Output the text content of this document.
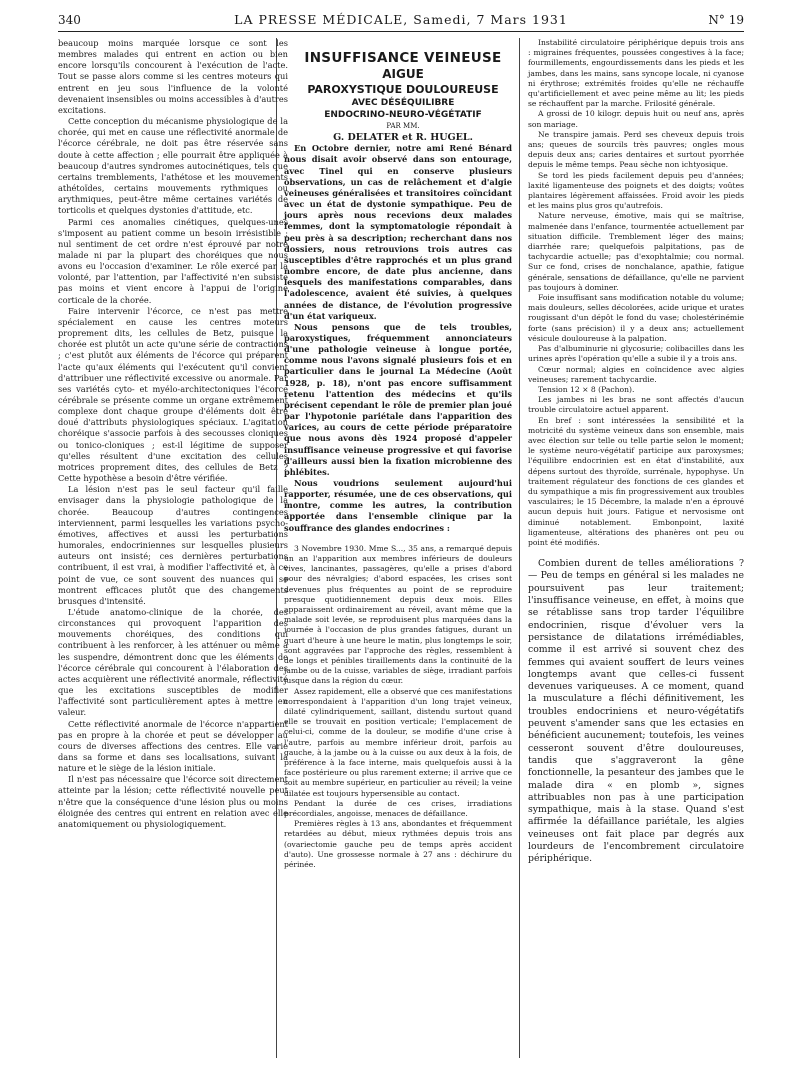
340	LA PRESSE MÉDICALE, Samedi, 7 Mars 1931	N° 19

beaucoup moins marquée lorsque ce sont les membres malades qui entrent en action ou bien encore lorsqu'ils concourent à l'exécution de l'acte. Tout se passe alors comme si les centres moteurs qui entrent en jeu sous l'influence de la volonté devenaient insensibles ou moins accessibles à d'autres excitations.

Cette conception du mécanisme physiologique de la chorée, qui met en cause une réflectivité anormale de l'écorce cérébrale, ne doit pas être réservée sans doute à cette affection ; elle pourrait être appliquée à beaucoup d'autres syndromes autocinétiques, tels que certains tremblements, l'athétose et les mouvements athétoïdes, certains mouvements rythmiques ou arythmiques, peut-être même certaines variétés de torticolis et quelques dystonies d'attitude, etc.

Parmi ces anomalies cinétiques, quelques-unes s'imposent au patient comme un besoin irrésistible ; nul sentiment de cet ordre n'est éprouvé par notre malade ni par la plupart des choréiques que nous avons eu l'occasion d'examiner. Le rôle exercé par la volonté, par l'attention, par l'affectivité n'en subsiste pas moins et vient encore à l'appui de l'origine corticale de la chorée.

Faire intervenir l'écorce, ce n'est pas mettre spécialement en cause les centres moteurs proprement dits, les cellules de Betz, puisque la chorée est plutôt un acte qu'une série de contractions ; c'est plutôt aux éléments de l'écorce qui préparent l'acte qu'aux éléments qui l'exécutent qu'il convient d'attribuer une réflectivité excessive ou anormale. Par ses variétés cyto- et myélo-architectoniques l'écorce cérébrale se présente comme un organe extrêmement complexe dont chaque groupe d'éléments doit être doué d'attributs physiologiques spéciaux. L'agitation choréique s'associe parfois à des secousses cloniques ou tonico-cloniques ; est-il légitime de supposer qu'elles résultent d'une excitation des cellules motrices proprement dites, des cellules de Betz ? Cette hypothèse a besoin d'être vérifiée.

La lésion n'est pas le seul facteur qu'il faille envisager dans la physiologie pathologique de la chorée. Beaucoup d'autres contingences interviennent, parmi lesquelles les variations psycho-émotives, affectives et aussi les perturbations humorales, endocriniennes sur lesquelles plusieurs auteurs ont insisté; ces dernières perturbations contribuent, il est vrai, à modifier l'affectivité et, à ce point de vue, ce sont souvent des nuances qui se montrent efficaces plutôt que des changements brusques d'intensité.

L'étude anatomo-clinique de la chorée, des circonstances qui provoquent l'apparition des mouvements choréiques, des conditions qui contribuent à les renforcer, à les atténuer ou même à les suspendre, démontrent donc que les éléments de l'écorce cérébrale qui concourent à l'élaboration des actes acquièrent une réflectivité anormale, réflectivité que les excitations susceptibles de modifier l'affectivité sont particulièrement aptes à mettre en valeur.

Cette réflectivité anormale de l'écorce n'appartient pas en propre à la chorée et peut se développer au cours de diverses affections des centres. Elle varie dans sa forme et dans ses localisations, suivant la nature et le siège de la lésion initiale.

Il n'est pas nécessaire que l'écorce soit directement atteinte par la lésion; cette réflectivité nouvelle peut n'être que la conséquence d'une lésion plus ou moins éloignée des centres qui entrent en relation avec elle anatomiquement ou physiologiquement.

INSUFFISANCE VEINEUSE

AIGUE

PAROXYSTIQUE DOULOUREUSE

AVEC DÉSÉQUILIBRE

ENDOCRINO-NEURO-VÉGÉTATIF

PAR MM.

G. DELATER et R. HUGEL.

En Octobre dernier, notre ami René Bénard nous disait avoir observé dans son entourage, avec Tinel qui en conserve plusieurs observations, un cas de relâchement et d'algie veineuses généralisées et transitoires coïncidant avec un état de dystonie sympathique. Peu de jours après nous recevions deux malades femmes, dont la symptomatologie répondait à peu près à sa description; recherchant dans nos dossiers, nous retrouvions trois autres cas susceptibles d'être rapprochés et un plus grand nombre encore, de date plus ancienne, dans lesquels des manifestations comparables, dans l'adolescence, avaient été suivies, à quelques années de distance, de l'évolution progressive d'un état variqueux.

Nous pensons que de tels troubles, paroxystiques, fréquemment annonciateurs d'une pathologie veineuse à longue portée, comme nous l'avons signalé plusieurs fois et en particulier dans le journal La Médecine (Août 1928, p. 18), n'ont pas encore suffisamment retenu l'attention des médecins et qu'ils précisent cependant le rôle de premier plan joué par l'hypotonie pariétale dans l'apparition des varices, au cours de cette période préparatoire que nous avons dès 1924 proposé d'appeler insuffisance veineuse progressive et qui favorise d'ailleurs aussi bien la fixation microbienne des phlébites.

Nous voudrions seulement aujourd'hui rapporter, résumée, une de ces observations, qui montre, comme les autres, la contribution apportée dans l'ensemble clinique par la souffrance des glandes endocrines :

3 Novembre 1930. Mme S..., 35 ans, a remarqué depuis un an l'apparition aux membres inférieurs de douleurs vives, lancinantes, passagères, qu'elle a prises d'abord pour des névralgies; d'abord espacées, les crises sont devenues plus fréquentes au point de se reproduire presque quotidiennement depuis deux mois. Elles apparaissent ordinairement au réveil, avant même que la malade soit levée, se reproduisent plus marquées dans la journée à l'occasion de plus grandes fatigues, durant un quart d'heure à une heure le matin, plus longtemps le soir, sont aggravées par l'approche des règles, ressemblent à de longs et pénibles tiraillements dans la continuité de la jambe ou de la cuisse, variables de siège, irradiant parfois jusque dans la région du cœur.

Assez rapidement, elle a observé que ces manifestations correspondaient à l'apparition d'un long trajet veineux, dilaté cylindriquement, saillant, distendu surtout quand elle se trouvait en position verticale; l'emplacement de celui-ci, comme de la douleur, se modifie d'une crise à l'autre, parfois au membre inférieur droit, parfois au gauche, à la jambe ou à la cuisse ou aux deux à la fois, de préférence à la face interne, mais quelquefois aussi à la face postérieure ou plus rarement externe; il arrive que ce soit au membre supérieur, en particulier au réveil; la veine dilatée est toujours hypersensible au contact.

Pendant la durée de ces crises, irradiations précordiales, angoisse, menaces de défaillance.

Premières règles à 13 ans, abondantes et fréquemment retardées au début, mieux rythmées depuis trois ans (ovariectomie gauche peu de temps après accident d'auto). Une grossesse normale à 27 ans : déchirure du périnée.

Instabilité circulatoire périphérique depuis trois ans : migraines fréquentes, poussées congestives à la face; fourmillements, engourdissements dans les pieds et les jambes, dans les mains, sans syncope locale, ni cyanose ni érythrose; extrémités froides qu'elle ne réchauffe qu'artificiellement et avec peine même au lit; les pieds se réchauffent par la marche. Frilosité générale.

A grossi de 10 kilogr. depuis huit ou neuf ans, après son mariage.

Ne transpire jamais. Perd ses cheveux depuis trois ans; queues de sourcils très pauvres; ongles mous depuis deux ans; caries dentaires et surtout pyorrhée depuis le même temps. Peau sèche non ichtyosique.

Se tord les pieds facilement depuis peu d'années; laxité ligamenteuse des poignets et des doigts; voûtes plantaires légèrement affaissées. Froid avoir les pieds et les mains plus gros qu'autrefois.

Nature nerveuse, émotive, mais qui se maîtrise, malmenée dans l'enfance, tourmentée actuellement par situation difficile. Tremblement léger des mains; diarrhée rare; quelquefois palpitations, pas de tachycardie actuelle; pas d'exophtalmie; cou normal. Sur ce fond, crises de nonchalance, apathie, fatigue générale, sensations de défaillance, qu'elle ne parvient pas toujours à dominer.

Foie insuffisant sans modification notable du volume; mais douleurs, selles décolorées, acide urique et urates rougissant d'un dépôt le fond du vase; cholestérinémie forte (sans précision) il y a deux ans; actuellement vésicule douloureuse à la palpation.

Pas d'albuminurie ni glycosurie; colibacilles dans les urines après l'opération qu'elle a subie il y a trois ans.

Cœur normal; algies en coïncidence avec algies veineuses; rarement tachycardie.

Tension 12 × 8 (Pachon).

Les jambes ni les bras ne sont affectés d'aucun trouble circulatoire actuel apparent.

En bref : sont intéressées la sensibilité et la motricité du système veineux dans son ensemble, mais avec élection sur telle ou telle partie selon le moment; le système neuro-végétatif participe aux paroxysmes; l'équilibre endocrinien est en état d'instabilité, aux dépens surtout des thyroïde, surrénale, hypophyse. Un traitement régulateur des fonctions de ces glandes et du sympathique a mis fin progressivement aux troubles vasculaires; le 15 Décembre, la malade n'en a éprouvé aucun depuis huit jours. Fatigue et nervosisme ont diminué notablement. Embonpoint, laxité ligamenteuse, altérations des phanères ont peu ou point été modifiés.

Combien durent de telles améliorations ? — Peu de temps en général si les malades ne poursuivent pas leur traitement; l'insuffisance veineuse, en effet, à moins que se rétablisse sans trop tarder l'équilibre endocrinien, risque d'évoluer vers la persistance de dilatations irrémédiables, comme il est arrivé si souvent chez des femmes qui avaient souffert de leurs veines longtemps avant que celles-ci fussent devenues variqueuses. A ce moment, quand la musculature a fléchi définitivement, les troubles endocriniens et neuro-végétatifs peuvent s'amender sans que les ectasies en bénéficient aucunement; toutefois, les veines cesseront souvent d'être douloureuses, tandis que s'aggraveront la gêne fonctionnelle, la pesanteur des jambes que le malade dira « en plomb », signes attribuables non pas à une participation sympathique, mais à la stase. Quand s'est affirmée la défaillance pariétale, les algies veineuses ont fait place par degrés aux lourdeurs de l'encombrement circulatoire périphérique.
